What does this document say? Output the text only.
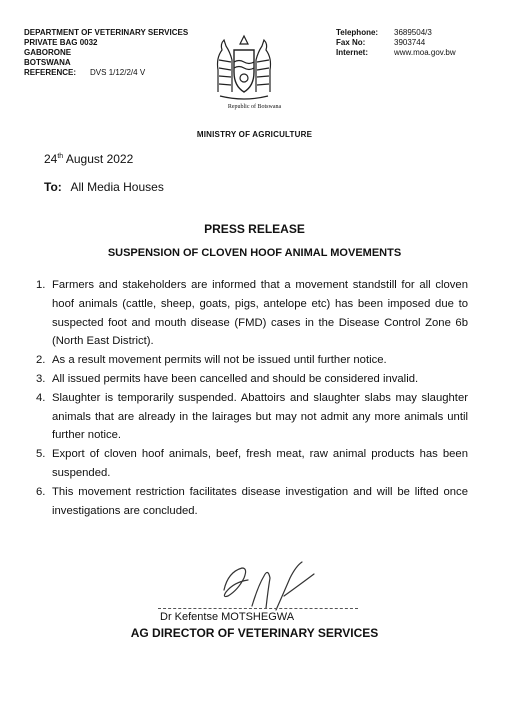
DEPARTMENT OF VETERINARY SERVICES
PRIVATE BAG 0032
GABORONE
BOTSWANA
REFERENCE: DVS 1/12/2/4 V
Telephone:	3689504/3
Fax No:	3903744
Internet:	www.moa.gov.bw
Republic of Botswana
MINISTRY OF AGRICULTURE
24th August 2022
To: All Media Houses
PRESS RELEASE
SUSPENSION OF CLOVEN HOOF ANIMAL MOVEMENTS
1. Farmers and stakeholders are informed that a movement standstill for all cloven hoof animals (cattle, sheep, goats, pigs, antelope etc) has been imposed due to suspected foot and mouth disease (FMD) cases in the Disease Control Zone 6b (North East District).
2. As a result movement permits will not be issued until further notice.
3. All issued permits have been cancelled and should be considered invalid.
4. Slaughter is temporarily suspended. Abattoirs and slaughter slabs may slaughter animals that are already in the lairages but may not admit any more animals until further notice.
5. Export of cloven hoof animals, beef, fresh meat, raw animal products has been suspended.
6. This movement restriction facilitates disease investigation and will be lifted once investigations are concluded.
Dr Kefentse MOTSHEGWA
AG DIRECTOR OF VETERINARY SERVICES
